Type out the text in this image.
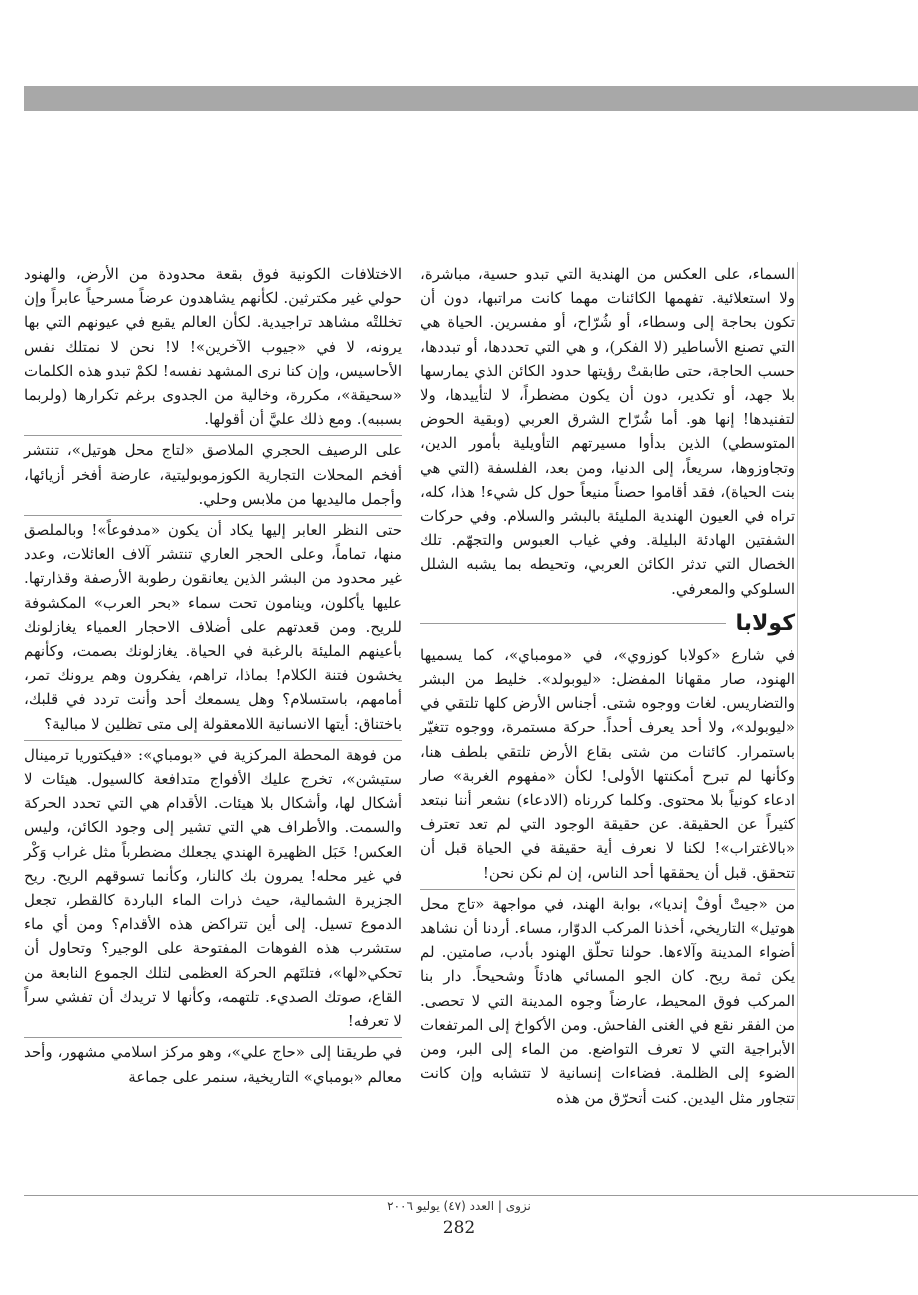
السماء، على العكس من الهندية التي تبدو حسية، مباشرة، ولا استعلائية. تفهمها الكائنات مهما كانت مراتبها، دون أن تكون بحاجة إلى وسطاء، أو شُرّاح، أو مفسرين. الحياة هي التي تصنع الأساطير (لا الفكر)، و هي التي تحددها، أو تبددها، حسب الحاجة، حتى طابقتْ رؤيتها حدود الكائن الذي يمارسها بلا جهد، أو تكدير، دون أن يكون مضطراً، لا لتأييدها، ولا لتفنيدها! إنها هو. أما شُرّاح الشرق العربي (وبقية الحوض المتوسطي) الذين بدأوا مسيرتهم التأويلية بأمور الدين، وتجاوزوها، سريعاً، إلى الدنيا، ومن بعد، الفلسفة (التي هي بنت الحياة)، فقد أقاموا حصناً منيعاً حول كل شيء! هذا، كله، تراه في العيون الهندية المليئة بالبشر والسلام. وفي حركات الشفتين الهادئة البليلة. وفي غياب العبوس والتجهّم. تلك الخصال التي تدثر الكائن العربي، وتحيطه بما يشبه الشلل السلوكي والمعرفي.

كولابا

في شارع «كولابا كوزوي»، في «مومباي»، كما يسميها الهنود، صار مقهانا المفضل: «ليوبولد». خليط من البشر والتضاريس. لغات ووجوه شتى. أجناس الأرض كلها تلتقي في «ليوبولد»، ولا أحد يعرف أحداً. حركة مستمرة، ووجوه تتغيّر باستمرار. كائنات من شتى بقاع الأرض تلتقي بلطف هنا، وكأنها لم تبرح أمكنتها الأولى! لكأن «مفهوم الغربة» صار ادعاء كونياً بلا محتوى. وكلما كررناه (الادعاء) نشعر أننا نبتعد كثيراً عن الحقيقة. عن حقيقة الوجود التي لم تعد تعترف «بالاغتراب»! لكنا لا نعرف أية حقيقة في الحياة قبل أن تتحقق. قبل أن يحققها أحد الناس، إن لم نكن نحن!

من «جيتْ أوفْ إنديا»، بوابة الهند، في مواجهة «تاج محل هوتيل» التاريخي، أخذنا المركب الدوّار، مساء. أردنا أن نشاهد أضواء المدينة وآلاءها. حولنا تحلّق الهنود بأدب، صامتين. لم يكن ثمة ريح. كان الجو المسائي هادئاً وشحيحاً. دار بنا المركب فوق المحيط، عارضاً وجوه المدينة التي لا تحصى. من الفقر نقع في الغنى الفاحش. ومن الأكواخ إلى المرتفعات الأبراجية التي لا تعرف التواضع. من الماء إلى البر، ومن الضوء إلى الظلمة. فضاءات إنسانية لا تتشابه وإن كانت تتجاور مثل اليدين. كنت أتحرّق من هذه

الاختلافات الكونية فوق بقعة محدودة من الأرض، والهنود حولي غير مكترثين. لكأنهم يشاهدون عرضاً مسرحياً عابراً وإن تخللتْه مشاهد تراجيدية. لكأن العالم يقبع في عيونهم التي بها يرونه، لا في «جيوب الآخرين»! لا! نحن لا نمتلك نفس الأحاسيس، وإن كنا نرى المشهد نفسه! لكمْ تبدو هذه الكلمات «سحيقة»، مكررة، وخالية من الجدوى برغم تكرارها (ولربما بسببه). ومع ذلك عليَّ أن أقولها.

على الرصيف الحجري الملاصق «لتاج محل هوتيل»، تنتشر أفخم المحلات التجارية الكوزموبوليتية، عارضة أفخر أزيائها، وأجمل ماليديها من ملابس وحلي.

حتى النظر العابر إليها يكاد أن يكون «مدفوعاً»! وبالملصق منها، تماماً، وعلى الحجر العاري تنتشر آلاف العائلات، وعدد غير محدود من البشر الذين يعانقون رطوبة الأرصفة وقذارتها. عليها يأكلون، وينامون تحت سماء «بحر العرب» المكشوفة للريح. ومن قعدتهم على أضلاف الاحجار العمياء يغازلونك بأعينهم المليئة بالرغبة في الحياة. يغازلونك بصمت، وكأنهم يخشون فتنة الكلام! بماذا، تراهم، يفكرون وهم يرونك تمر، أمامهم، باستسلام؟ وهل يسمعك أحد وأنت تردد في قلبك، باختناق: أيتها الانسانية اللامعقولة إلى متى تظلين لا مبالية؟

من فوهة المحطة المركزية في «بومباي»: «فيكتوريا ترمينال ستيشن»، تخرج عليك الأفواج متدافعة كالسيول. هيئات لا أشكال لها، وأشكال بلا هيئات. الأقدام هي التي تحدد الحركة والسمت. والأطراف هي التي تشير إلى وجود الكائن، وليس العكس! خَبَل الظهيرة الهندي يجعلك مضطرباً مثل غراب وَكْر في غير محله! يمرون بك كالنار، وكأنما تسوقهم الريح. ريح الجزيرة الشمالية، حيث ذرات الماء الباردة كالقطر، تجعل الدموع تسيل. إلى أين تتراكض هذه الأقدام؟ ومن أي ماء ستشرب هذه الفوهات المفتوحة على الوجير؟ وتحاول أن تحكي«لها»، فتلتَهم الحركة العظمى لتلك الجموع النابعة من القاع، صوتك الصديء. تلتهمه، وكأنها لا تريدك أن تفشي سراً لا تعرفه!

في طريقنا إلى «حاج علي»، وهو مركز اسلامي مشهور، وأحد معالم «بومباي» التاريخية، سنمر على جماعة

نزوى | العدد (٤٧) يوليو ٢٠٠٦
282
